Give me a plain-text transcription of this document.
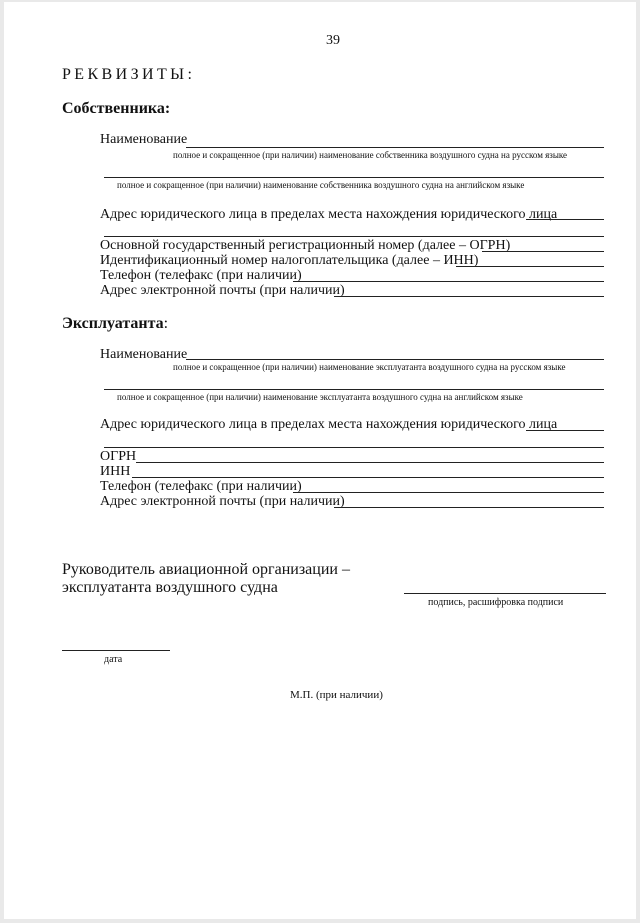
39
РЕКВИЗИТЫ:
Собственника:
Наименование
полное и сокращенное (при наличии) наименование собственника воздушного судна на русском языке
полное и сокращенное (при наличии) наименование собственника воздушного судна на английском языке
Адрес юридического лица в пределах места нахождения юридического лица
Основной государственный регистрационный номер (далее – ОГРН)
Идентификационный номер налогоплательщика (далее – ИНН)
Телефон (телефакс (при наличии)
Адрес электронной почты (при наличии)
Эксплуатанта:
Наименование
полное и сокращенное (при наличии) наименование эксплуатанта воздушного судна на русском языке
полное и сокращенное (при наличии) наименование эксплуатанта воздушного судна на английском языке
Адрес юридического лица в пределах места нахождения юридического лица
ОГРН
ИНН
Телефон (телефакс (при наличии)
Адрес электронной почты (при наличии)
Руководитель авиационной организации –
эксплуатанта воздушного судна
подпись, расшифровка подписи
дата
М.П. (при наличии)
